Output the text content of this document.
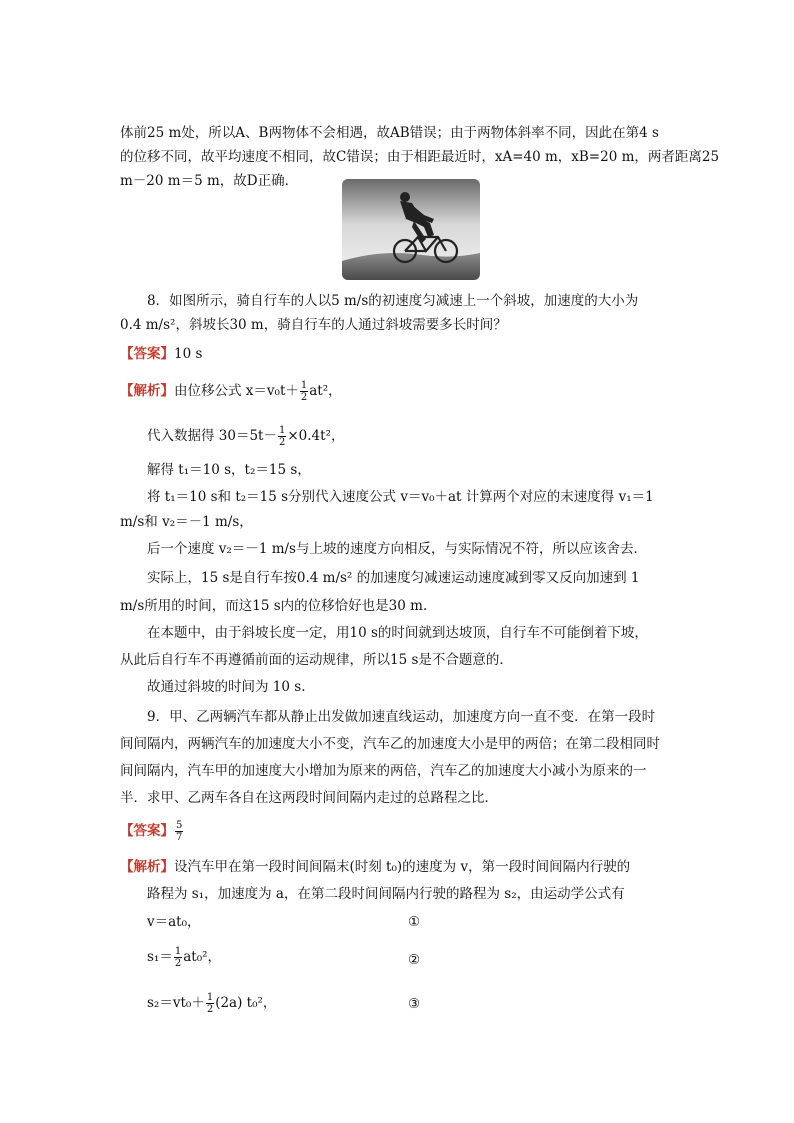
体前25 m处，所以A、B两物体不会相遇，故AB错误；由于两物体斜率不同，因此在第4 s
的位移不同，故平均速度不相同，故C错误；由于相距最近时，xA=40 m，xB=20 m，两者距离25
m－20 m＝5 m，故D正确．
8．如图所示，骑自行车的人以5 m/s的初速度匀减速上一个斜坡，加速度的大小为
0.4 m/s²，斜坡长30 m，骑自行车的人通过斜坡需要多长时间？
【答案】10 s
【解析】由位移公式 $x=v_0t+ \frac{1}{2} at^2$，
代入数据得 $30=5t- \frac{1}{2} \times 0.4t^2$，
解得 t₁＝10 s，t₂＝15 s，
将 t₁＝10 s和 t₂＝15 s分别代入速度公式 v＝v₀＋at 计算两个对应的末速度得 v₁＝1
m/s和 v₂＝－1 m/s，
后一个速度 v₂＝－1 m/s与上坡的速度方向相反，与实际情况不符，所以应该舍去．
实际上，15 s是自行车按0.4 m/s² 的加速度匀减速运动速度减到零又反向加速到 1
m/s所用的时间，而这15 s内的位移恰好也是30 m.
在本题中，由于斜坡长度一定，用10 s的时间就到达坡顶，自行车不可能倒着下坡，
从此后自行车不再遵循前面的运动规律，所以15 s是不合题意的．
故通过斜坡的时间为 10 s.
9．甲、乙两辆汽车都从静止出发做加速直线运动，加速度方向一直不变．在第一段时
间间隔内，两辆汽车的加速度大小不变，汽车乙的加速度大小是甲的两倍；在第二段相同时
间间隔内，汽车甲的加速度大小增加为原来的两倍，汽车乙的加速度大小减小为原来的一
半．求甲、乙两车各自在这两段时间间隔内走过的总路程之比．
【答案】 $\frac{5}{7}$
【解析】设汽车甲在第一段时间间隔末(时刻 t₀)的速度为 v，第一段时间间隔内行驶的
路程为 s₁，加速度为 a，在第二段时间间隔内行驶的路程为 s₂，由运动学公式有
v＝at₀，	①
$s_1= \frac{1}{2} at_0^2$，	②
$s_2=vt_0+ \frac{1}{2} (2a)$ t₀²，	③
